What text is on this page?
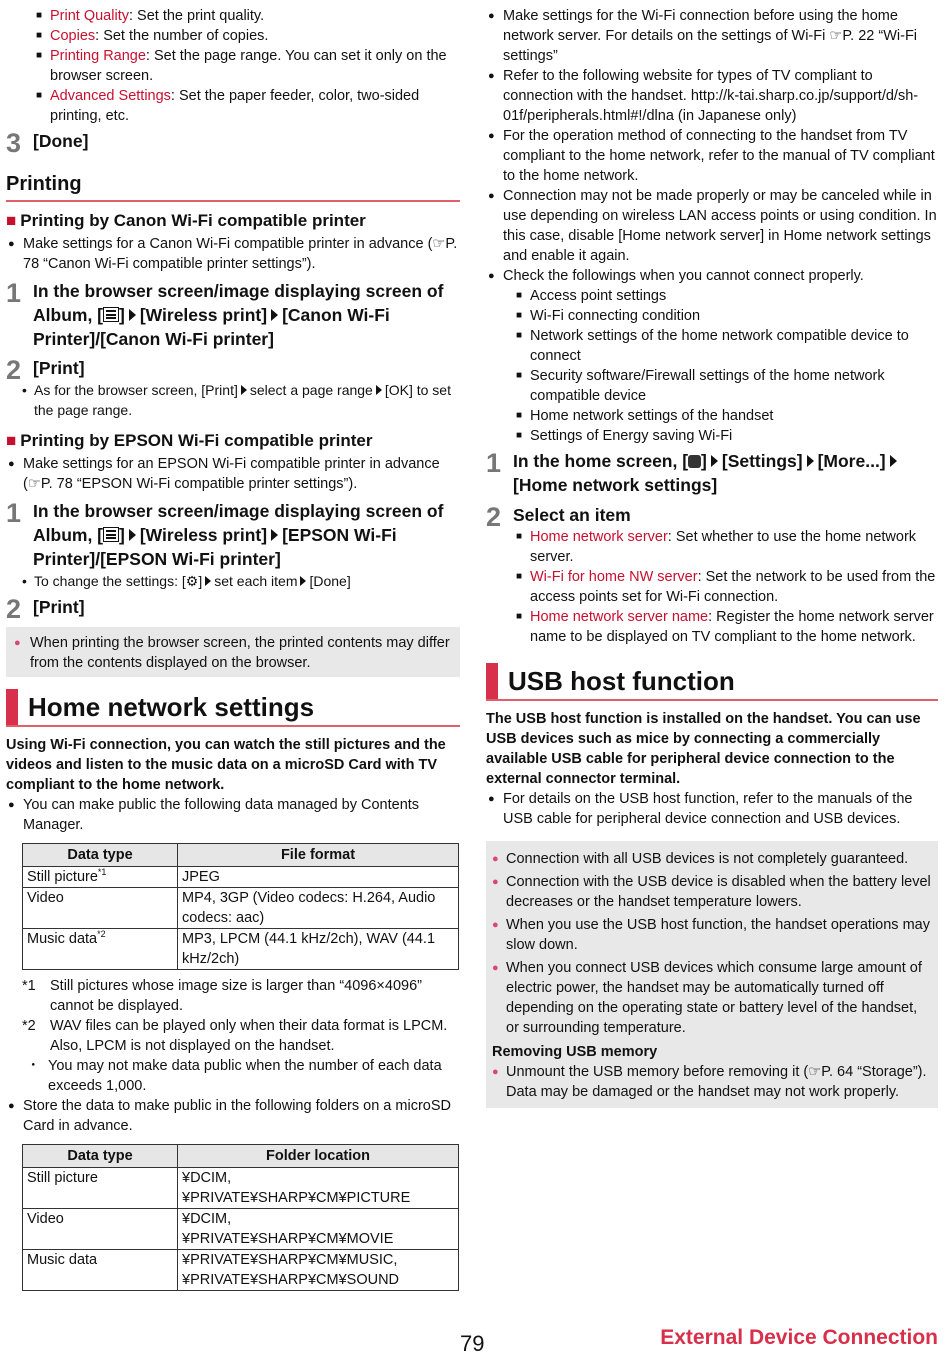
■ Print Quality: Set the print quality.
■ Copies: Set the number of copies.
■ Printing Range: Set the page range. You can set it only on the browser screen.
■ Advanced Settings: Set the paper feeder, color, two-sided printing, etc.
3 [Done]
Printing
■ Printing by Canon Wi-Fi compatible printer
● Make settings for a Canon Wi-Fi compatible printer in advance (☞P. 78 “Canon Wi-Fi compatible printer settings”).
1 In the browser screen/image displaying screen of Album, [ ] [Wireless print] [Canon Wi-Fi Printer]/[Canon Wi-Fi printer]
2 [Print]
• As for the browser screen, [Print] select a page range [OK] to set the page range.
■ Printing by EPSON Wi-Fi compatible printer
● Make settings for an EPSON Wi-Fi compatible printer in advance (☞P. 78 “EPSON Wi-Fi compatible printer settings”).
1 In the browser screen/image displaying screen of Album, [ ] [Wireless print] [EPSON Wi-Fi Printer]/[EPSON Wi-Fi printer]
• To change the settings: [⚙] set each item [Done]
2 [Print]
● When printing the browser screen, the printed contents may differ from the contents displayed on the browser.
Home network settings
Using Wi-Fi connection, you can watch the still pictures and the videos and listen to the music data on a microSD Card with TV compliant to the home network.
● You can make public the following data managed by Contents Manager.
Data type	File format
Still picture$^{*1}$	JPEG
Video	MP4, 3GP (Video codecs: H.264, Audio codecs: aac)
Music data$^{*2}$	MP3, LPCM (44.1 kHz/2ch), WAV (44.1 kHz/2ch)
*1 Still pictures whose image size is larger than “4096×4096” cannot be displayed.
*2 WAV files can be played only when their data format is LPCM. Also, LPCM is not displayed on the handset.
・ You may not make data public when the number of each data exceeds 1,000.
● Store the data to make public in the following folders on a microSD Card in advance.
Data type	Folder location
Still picture	¥DCIM,
¥PRIVATE¥SHARP¥CM¥PICTURE

Video	¥DCIM,
¥PRIVATE¥SHARP¥CM¥MOVIE

Music data	¥PRIVATE¥SHARP¥CM¥MUSIC,
¥PRIVATE¥SHARP¥CM¥SOUND
● Make settings for the Wi-Fi connection before using the home network server. For details on the settings of Wi-Fi ☞P. 22 “Wi-Fi settings”
● Refer to the following website for types of TV compliant to connection with the handset. http://k-tai.sharp.co.jp/support/d/sh-01f/peripherals.html#!/dlna (in Japanese only)
● For the operation method of connecting to the handset from TV compliant to the home network, refer to the manual of TV compliant to the home network.
● Connection may not be made properly or may be canceled while in use depending on wireless LAN access points or using condition. In this case, disable [Home network server] in Home network settings and enable it again.
● Check the followings when you cannot connect properly.
■ Access point settings
■ Wi-Fi connecting condition
■ Network settings of the home network compatible device to connect
■ Security software/Firewall settings of the home network compatible device
■ Home network settings of the handset
■ Settings of Energy saving Wi-Fi
1 In the home screen, [ ] [Settings] [More...][Home network settings]
2 Select an item
■ Home network server: Set whether to use the home network server.
■ Wi-Fi for home NW server: Set the network to be used from the access points set for Wi-Fi connection.
■ Home network server name: Register the home network server name to be displayed on TV compliant to the home network.
USB host function
The USB host function is installed on the handset. You can use USB devices such as mice by connecting a commercially available USB cable for peripheral device connection to the external connector terminal.
● For details on the USB host function, refer to the manuals of the USB cable for peripheral device connection and USB devices.
● Connection with all USB devices is not completely guaranteed.
● Connection with the USB device is disabled when the battery level decreases or the handset temperature lowers.
● When you use the USB host function, the handset operations may slow down.
● When you connect USB devices which consume large amount of electric power, the handset may be automatically turned off depending on the operating state or battery level of the handset, or surrounding temperature.
Removing USB memory
● Unmount the USB memory before removing it (☞P. 64 “Storage”). Data may be damaged or the handset may not work properly.
79	External Device Connection
